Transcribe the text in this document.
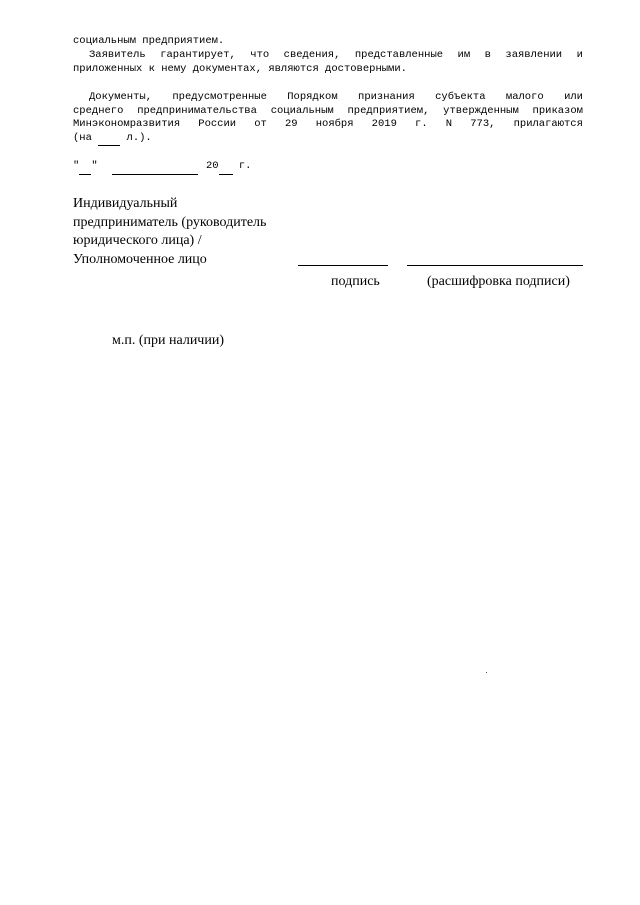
социальным предприятием.
Заявитель гарантирует, что сведения, представленные им в заявлении и
приложенных к нему документах, являются достоверными.
Документы, предусмотренные Порядком признания субъекта малого или
среднего предпринимательства социальным предприятием, утвержденным приказом
Минэкономразвития России от 29 ноября 2019 г. N 773, прилагаются
(на   л.).
" "	20  г.
Индивидуальный
предприниматель (руководитель
юридического лица) /
Уполномоченное лицо
подпись	(расшифровка подписи)
м.п. (при наличии)
